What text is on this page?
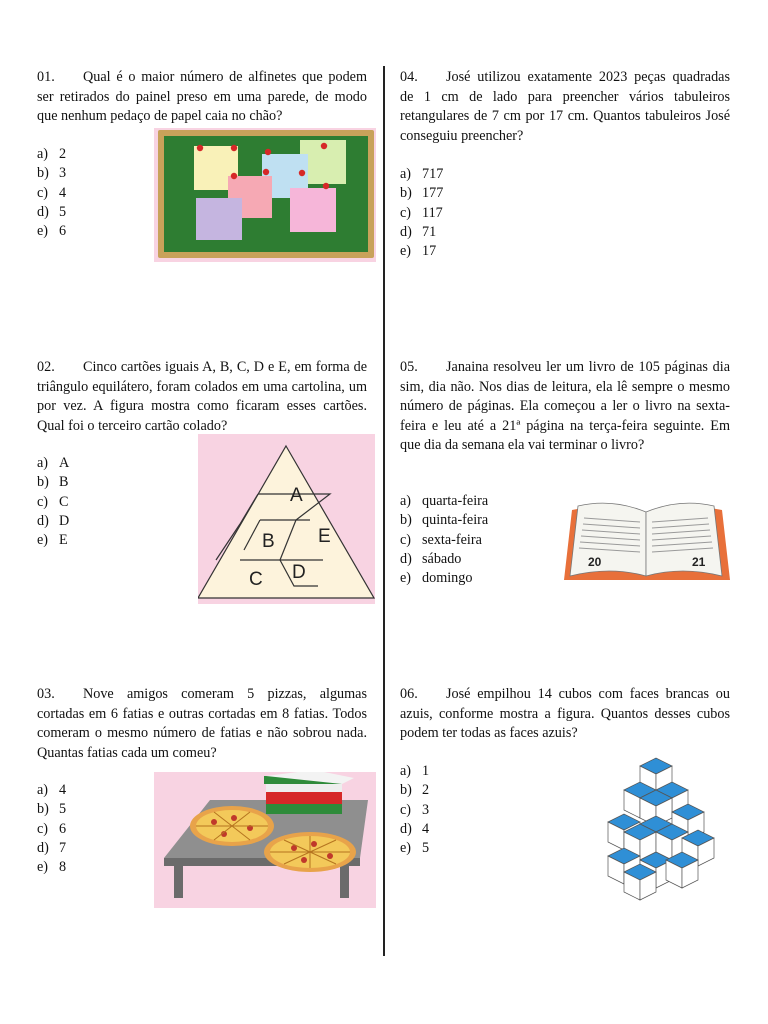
01. Qual é o maior número de alfinetes que podem ser retirados do painel preso em uma parede, de modo que nenhum pedaço de papel caia no chão?

a) 2
b) 3
c) 4
d) 5
e) 6

02. Cinco cartões iguais A, B, C, D e E, em forma de triângulo equilátero, foram colados em uma cartolina, um por vez. A figura mostra como ficaram esses cartões. Qual foi o terceiro cartão colado?

a) A
b) B
c) C
d) D
e) E
A
B E
C D

03. Nove amigos comeram 5 pizzas, algumas cortadas em 6 fatias e outras cortadas em 8 fatias. Todos comeram o mesmo número de fatias e não sobrou nada. Quantas fatias cada um comeu?

a) 4
b) 5
c) 6
d) 7
e) 8

04. José utilizou exatamente 2023 peças quadradas de 1 cm de lado para preencher vários tabuleiros retangulares de 7 cm por 17 cm. Quantos tabuleiros José conseguiu preencher?

a) 717
b) 177
c) 117
d) 71
e) 17

05. Janaina resolveu ler um livro de 105 páginas dia sim, dia não. Nos dias de leitura, ela lê sempre o mesmo número de páginas. Ela começou a ler o livro na sexta- feira e leu até a 21ª página na terça-feira seguinte. Em que dia da semana ela vai terminar o livro?

a) quarta-feira
b) quinta-feira
c) sexta-feira
d) sábado
e) domingo
20	21

06. José empilhou 14 cubos com faces brancas ou azuis, conforme mostra a figura. Quantos desses cubos podem ter todas as faces azuis?

a) 1
b) 2
c) 3
d) 4
e) 5
